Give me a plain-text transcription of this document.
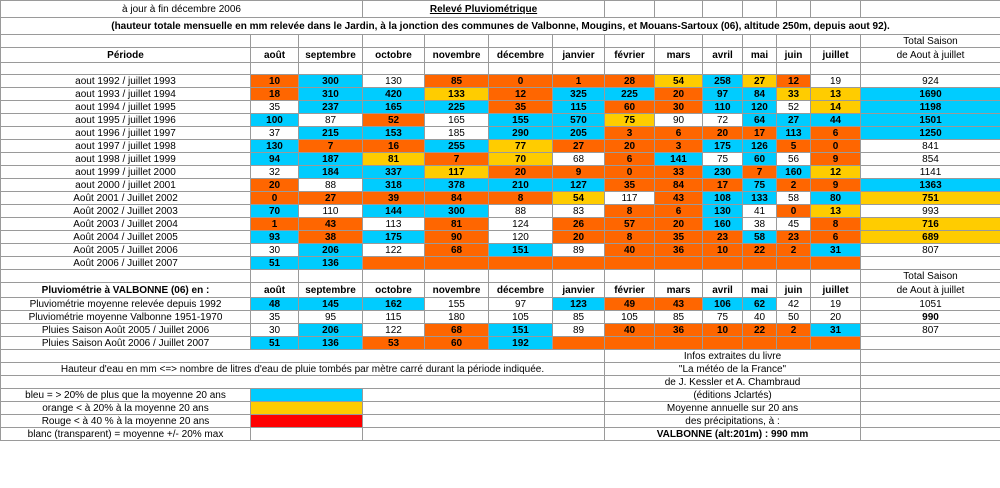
à jour à fin décembre 2006			Relevé Pluviométrique										
(hauteur totale mensuelle en mm relevée dans le Jardin, à la jonction des communes de Valbonne, Mougins, et Mouans-Sartoux (06), altitude 250m, depuis aout 92).													
													Total Saison
Période	août	septembre	octobre	novembre	décembre	janvier	février	mars	avril	mai	juin	juillet	de Aout à juillet

aout 1992 / juillet 1993	10	300	130	85	0	1	28	54	258	27	12	19	924
aout 1993 / juillet 1994	18	310	420	133	12	325	225	20	97	84	33	13	1690
aout 1994 / juillet 1995	35	237	165	225	35	115	60	30	110	120	52	14	1198
aout 1995 / juillet 1996	100	87	52	165	155	570	75	90	72	64	27	44	1501
aout 1996 / juillet 1997	37	215	153	185	290	205	3	6	20	17	113	6	1250
aout 1997 / juillet 1998	130	7	16	255	77	27	20	3	175	126	5	0	841
aout 1998 / juillet 1999	94	187	81	7	70	68	6	141	75	60	56	9	854
aout 1999 / juillet 2000	32	184	337	117	20	9	0	33	230	7	160	12	1141
aout 2000 / juillet 2001	20	88	318	378	210	127	35	84	17	75	2	9	1363
Août 2001 / Juillet 2002	0	27	39	84	8	54	117	43	108	133	58	80	751
Août 2002 / Juillet 2003	70	110	144	300	88	83	8	6	130	41	0	13	993
Août 2003 / Juillet 2004	1	43	113	81	124	26	57	20	160	38	45	8	716
Août 2004 / Juillet 2005	93	38	175	90	120	20	8	35	23	58	23	6	689
Août 2005 / Juillet 2006	30	206	122	68	151	89	40	36	10	22	2	31	807
Août 2006 / Juillet 2007	51	136											
													Total Saison
Pluviométrie à VALBONNE (06) en :	août	septembre	octobre	novembre	décembre	janvier	février	mars	avril	mai	juin	juillet	de Aout à juillet
Pluviométrie moyenne relevée depuis 1992	48	145	162	155	97	123	49	43	106	62	42	19	1051
Pluviométrie moyenne Valbonne 1951-1970	35	95	115	180	105	85	105	85	75	40	50	20	990
Pluies Saison Août 2005 / Juillet 2006	30	206	122	68	151	89	40	36	10	22	2	31	807
Pluies Saison Août 2006 / Juillet 2007	51	136	53	60	192								
							Infos extraites du livre						
Hauteur d'eau en mm <=> nombre de litres d'eau de pluie tombés par mètre carré durant la période indiquée.							"La météo de la France"						
							de J. Kessler et A. Chambraud						
bleu = > 20% de plus que la moyenne 20 ans							(éditions Jclartés)						
orange < à 20% à la moyenne 20 ans							Moyenne annuelle sur 20 ans						
Rouge < à 40 % à la moyenne 20 ans							des précipitations, à :						
blanc (transparent) = moyenne +/- 20% max							VALBONNE (alt:201m) : 990 mm						
